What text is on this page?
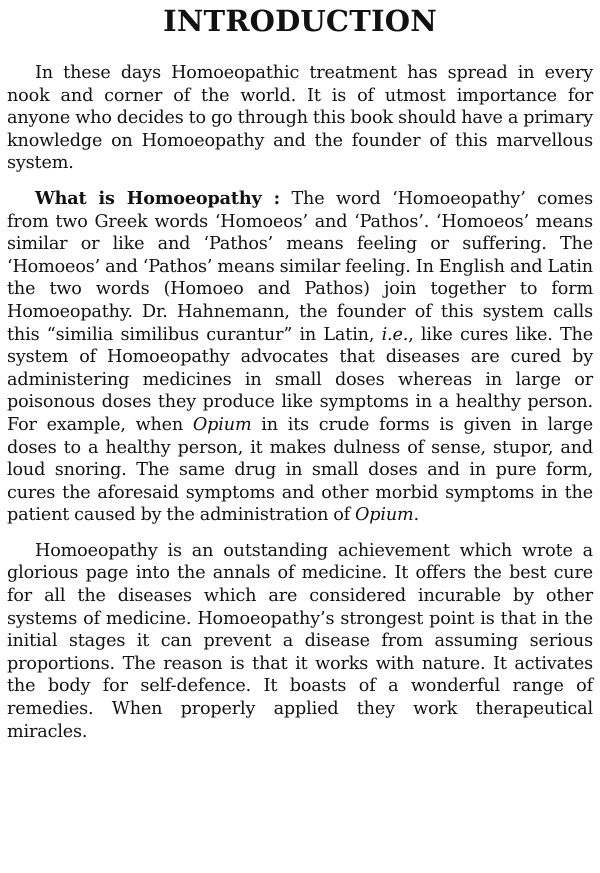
INTRODUCTION

In these days Homoeopathic treatment has spread in every nook and corner of the world. It is of utmost importance for anyone who decides to go through this book should have a primary knowledge on Homoeopathy and the founder of this marvellous system.

What is Homoeopathy : The word ‘Homoeopathy’ comes from two Greek words ‘Homoeos’ and ‘Pathos’. ‘Homoeos’ means similar or like and ‘Pathos’ means feeling or suffering. The ‘Homoeos’ and ‘Pathos’ means similar feeling. In English and Latin the two words (Homoeo and Pathos) join together to form Homoeopathy. Dr. Hahnemann, the founder of this system calls this “similia similibus curantur” in Latin, i.e., like cures like. The system of Homoeopathy advocates that diseases are cured by administering medicines in small doses whereas in large or poisonous doses they produce like symptoms in a healthy person. For example, when Opium in its crude forms is given in large doses to a healthy person, it makes dulness of sense, stupor, and loud snoring. The same drug in small doses and in pure form, cures the aforesaid symptoms and other morbid symptoms in the patient caused by the administration of Opium.

Homoeopathy is an outstanding achievement which wrote a glorious page into the annals of medicine. It offers the best cure for all the diseases which are considered incurable by other systems of medicine. Homoeopathy’s strongest point is that in the initial stages it can prevent a disease from assuming serious proportions. The reason is that it works with nature. It activates the body for self-defence. It boasts of a wonderful range of remedies. When properly applied they work therapeutical miracles.
